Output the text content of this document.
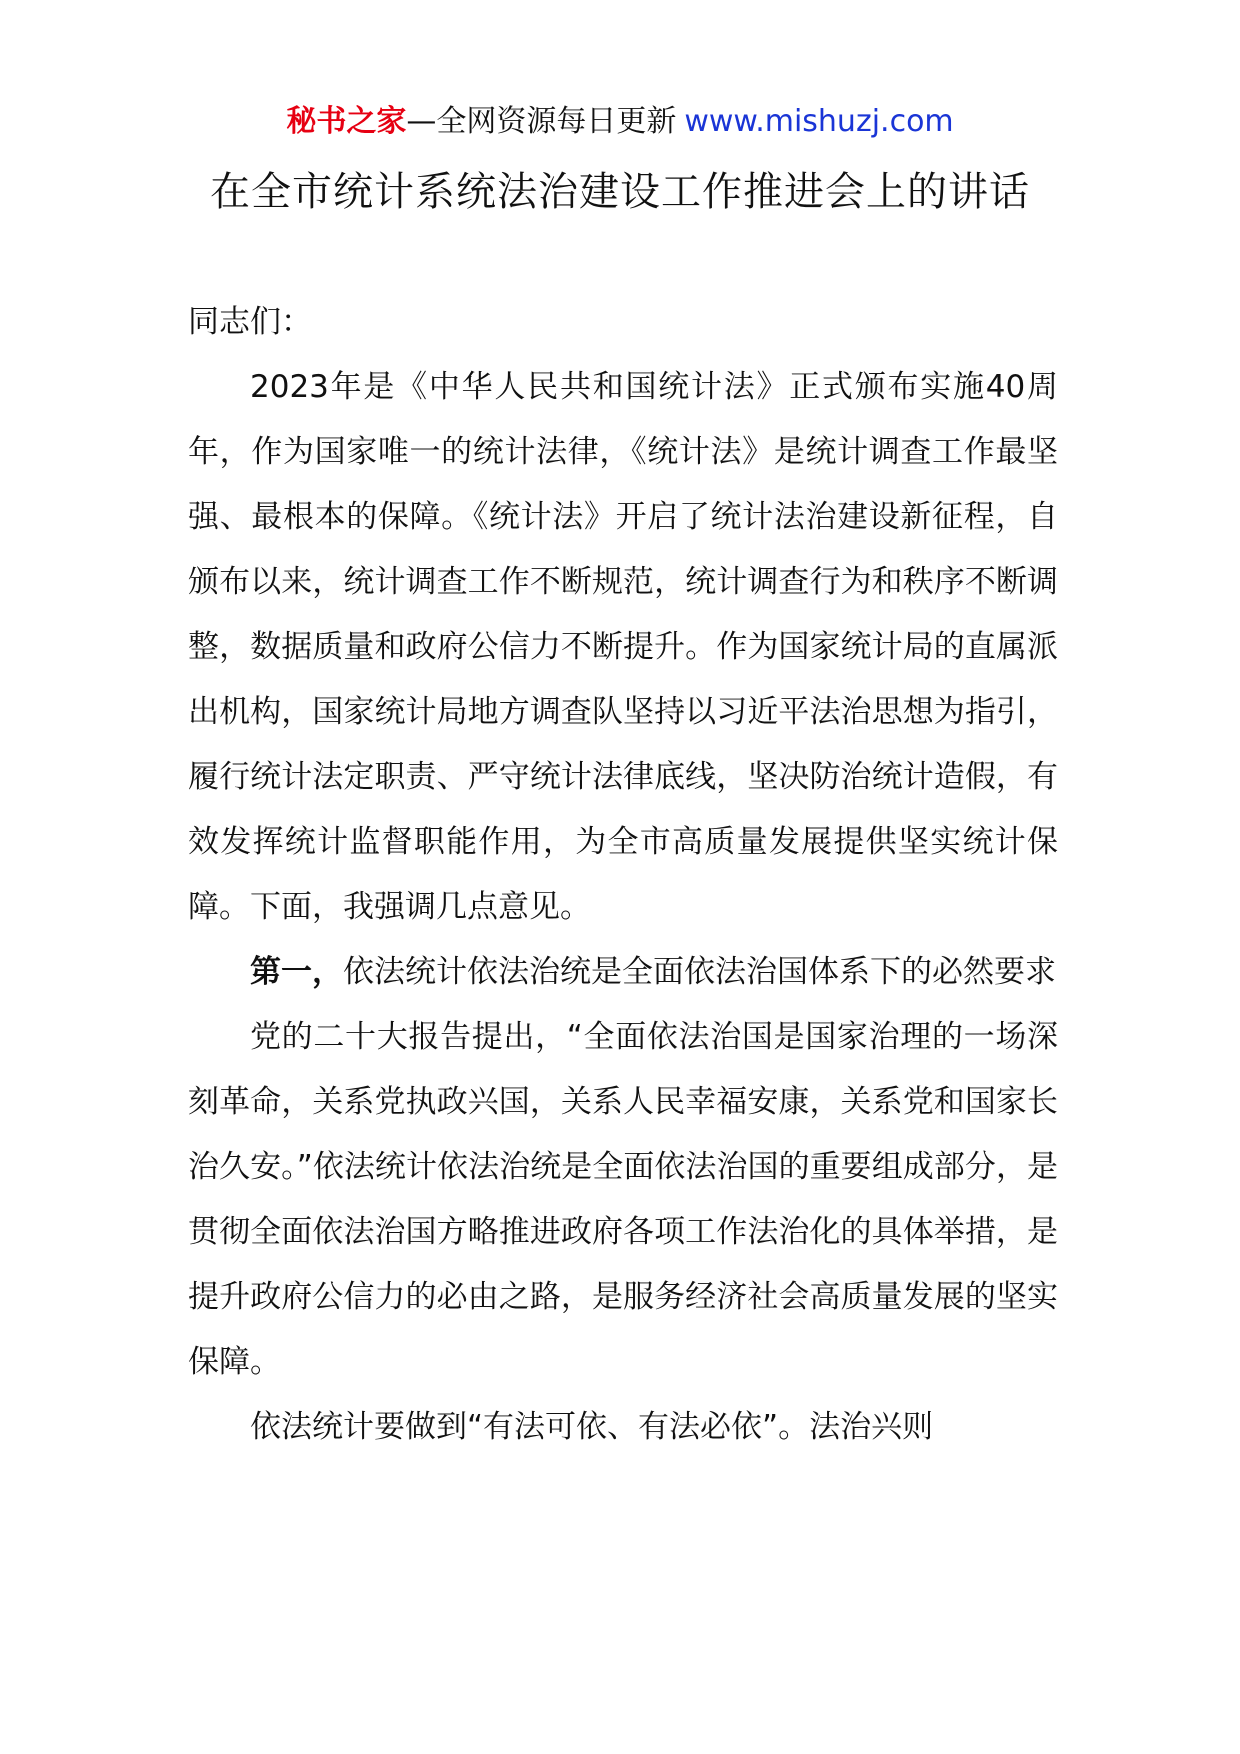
秘书之家—全网资源每日更新 www.mishuzj.com
在全市统计系统法治建设工作推进会上的讲话

同志们：

2023年是《中华人民共和国统计法》正式颁布实施40周年，作为国家唯一的统计法律，《统计法》是统计调查工作最坚强、最根本的保障。《统计法》开启了统计法治建设新征程，自颁布以来，统计调查工作不断规范，统计调查行为和秩序不断调整，数据质量和政府公信力不断提升。作为国家统计局的直属派出机构，国家统计局地方调查队坚持以习近平法治思想为指引，履行统计法定职责、严守统计法律底线，坚决防治统计造假，有效发挥统计监督职能作用，为全市高质量发展提供坚实统计保障。下面，我强调几点意见。

第一，依法统计依法治统是全面依法治国体系下的必然要求

党的二十大报告提出，“全面依法治国是国家治理的一场深刻革命，关系党执政兴国，关系人民幸福安康，关系党和国家长治久安。”依法统计依法治统是全面依法治国的重要组成部分，是贯彻全面依法治国方略推进政府各项工作法治化的具体举措，是提升政府公信力的必由之路，是服务经济社会高质量发展的坚实保障。

依法统计要做到“有法可依、有法必依”。法治兴则
